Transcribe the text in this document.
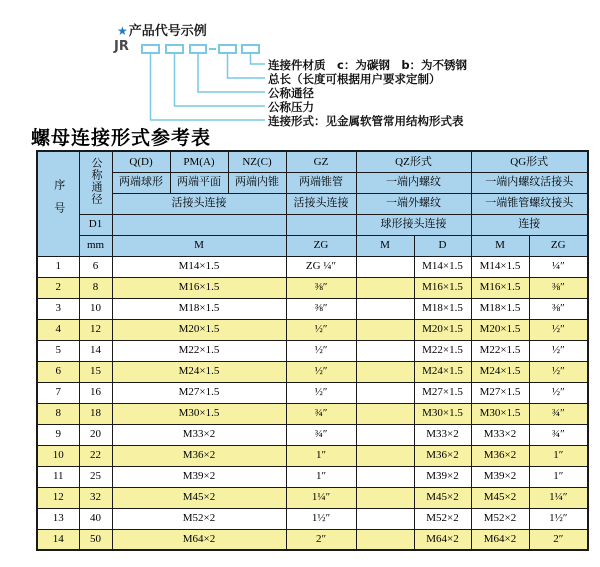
★产品代号示例
JR
连接件材质　c：为碳钢　b：为不锈钢
总长（长度可根据用户要求定制）
公称通径
公称压力
连接形式：见金属软管常用结构形式表
螺母连接形式参考表
序号	公称通径	Q(D)	PM(A)	NZ(C)	GZ	QZ形式		QG形式	
		两端球形	两端平面	两端内锥	两端锥管	一端内螺纹		一端内螺纹活接头	
		活接头连接			活接头连接	一端外螺纹		一端锥管螺纹接头	
	D1					球形接头连接		连接	
	mm	M			ZG	M	D	M	ZG
1	6	M14×1.5			ZG ¼″		M14×1.5	M14×1.5	¼″
2	8	M16×1.5			⅜″		M16×1.5	M16×1.5	⅜″
3	10	M18×1.5			⅜″		M18×1.5	M18×1.5	⅜″
4	12	M20×1.5			½″		M20×1.5	M20×1.5	½″
5	14	M22×1.5			½″		M22×1.5	M22×1.5	½″
6	15	M24×1.5			½″		M24×1.5	M24×1.5	½″
7	16	M27×1.5			½″		M27×1.5	M27×1.5	½″
8	18	M30×1.5			¾″		M30×1.5	M30×1.5	¾″
9	20	M33×2			¾″		M33×2	M33×2	¾″
10	22	M36×2			1″		M36×2	M36×2	1″
11	25	M39×2			1″		M39×2	M39×2	1″
12	32	M45×2			1¼″		M45×2	M45×2	1¼″
13	40	M52×2			1½″		M52×2	M52×2	1½″
14	50	M64×2			2″		M64×2	M64×2	2″
